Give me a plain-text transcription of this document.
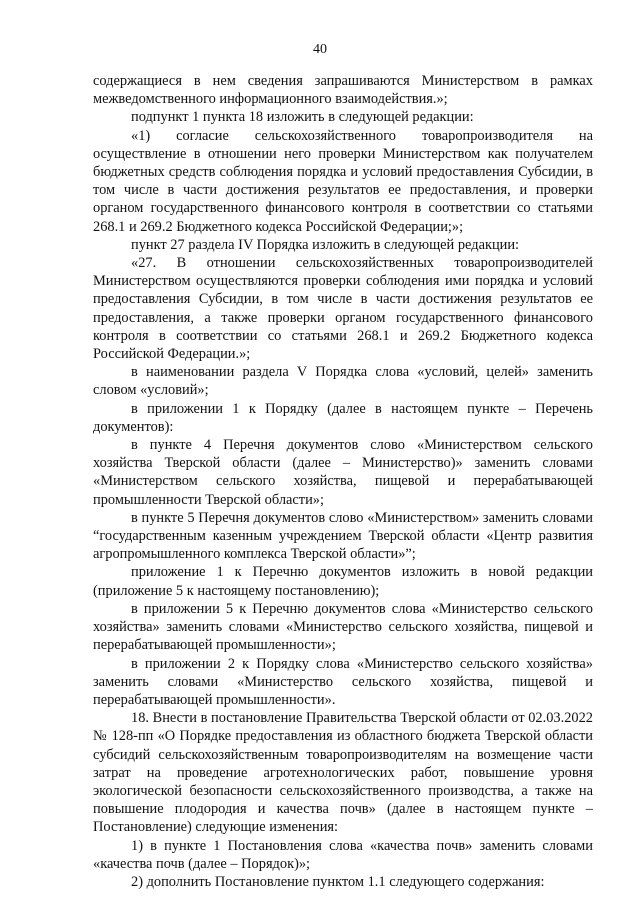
40

содержащиеся в нем сведения запрашиваются Министерством в рамках межведомственного информационного взаимодействия.»;

подпункт 1 пункта 18 изложить в следующей редакции:

«1) согласие сельскохозяйственного товаропроизводителя на осуществление в отношении него проверки Министерством как получателем бюджетных средств соблюдения порядка и условий предоставления Субсидии, в том числе в части достижения результатов ее предоставления, и проверки органом государственного финансового контроля в соответствии со статьями 268.1 и 269.2 Бюджетного кодекса Российской Федерации;»;

пункт 27 раздела IV Порядка изложить в следующей редакции:

«27. В отношении сельскохозяйственных товаропроизводителей Министерством осуществляются проверки соблюдения ими порядка и условий предоставления Субсидии, в том числе в части достижения результатов ее предоставления, а также проверки органом государственного финансового контроля в соответствии со статьями 268.1 и 269.2 Бюджетного кодекса Российской Федерации.»;

в наименовании раздела V Порядка слова «условий, целей» заменить словом «условий»;

в приложении 1 к Порядку (далее в настоящем пункте – Перечень документов):

в пункте 4 Перечня документов слово «Министерством сельского хозяйства Тверской области (далее – Министерство)» заменить словами «Министерством сельского хозяйства, пищевой и перерабатывающей промышленности Тверской области»;

в пункте 5 Перечня документов слово «Министерством» заменить словами “государственным казенным учреждением Тверской области «Центр развития агропромышленного комплекса Тверской области»”;

приложение 1 к Перечню документов изложить в новой редакции (приложение 5 к настоящему постановлению);

в приложении 5 к Перечню документов слова «Министерство сельского хозяйства» заменить словами «Министерство сельского хозяйства, пищевой и перерабатывающей промышленности»;

в приложении 2 к Порядку слова «Министерство сельского хозяйства» заменить словами «Министерство сельского хозяйства, пищевой и перерабатывающей промышленности».

18. Внести в постановление Правительства Тверской области от 02.03.2022 № 128-пп «О Порядке предоставления из областного бюджета Тверской области субсидий сельскохозяйственным товаропроизводителям на возмещение части затрат на проведение агротехнологических работ, повышение уровня экологической безопасности сельскохозяйственного производства, а также на повышение плодородия и качества почв» (далее в настоящем пункте – Постановление) следующие изменения:

1) в пункте 1 Постановления слова «качества почв» заменить словами «качества почв (далее – Порядок)»;

2) дополнить Постановление пунктом 1.1 следующего содержания:
